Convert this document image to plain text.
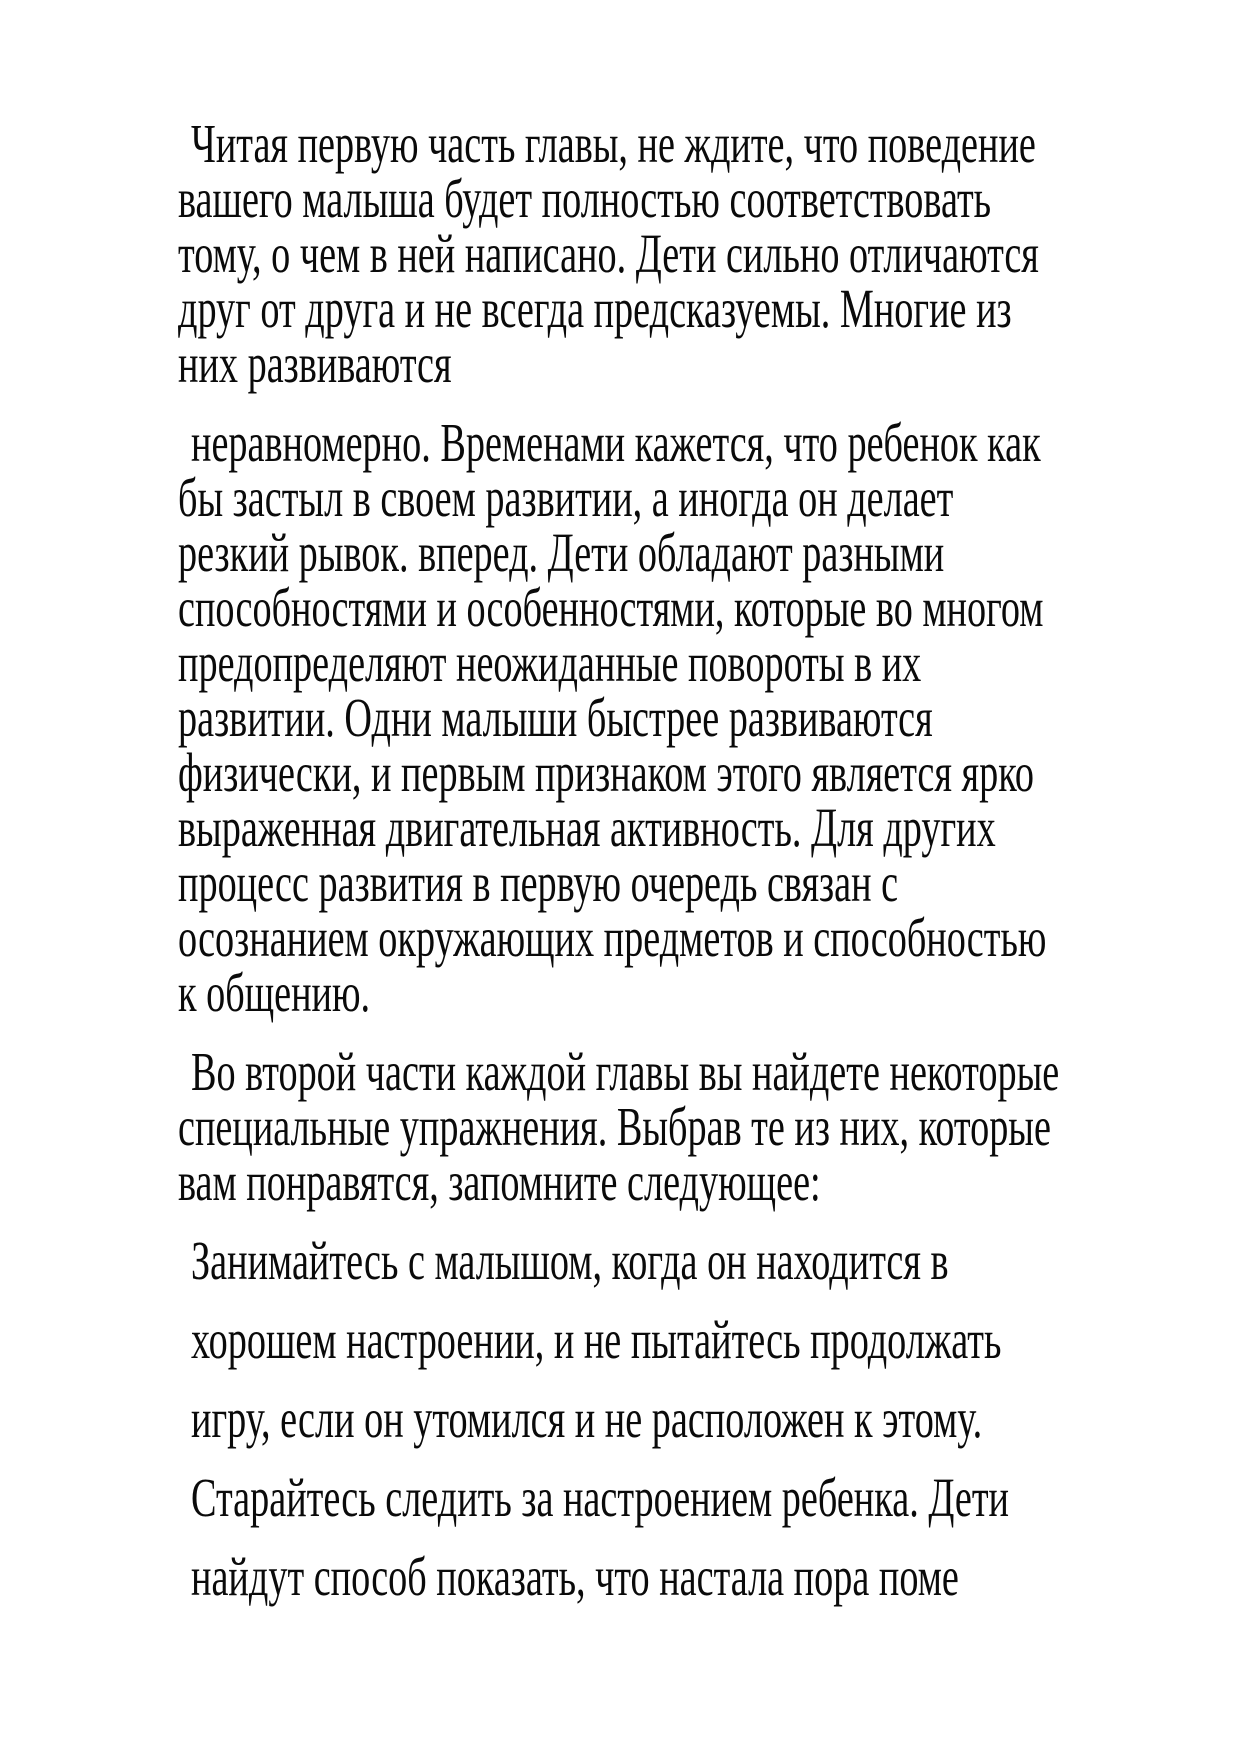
Читая первую часть главы, не ждите, что поведение
вашего малыша будет полностью соответствовать
тому, о чем в ней написано. Дети сильно отличаются
друг от друга и не всегда предсказуемы. Многие из
них развиваются

неравномерно. Временами кажется, что ребенок как
бы застыл в своем развитии, а иногда он делает
резкий рывок. вперед. Дети обладают разными
способностями и особенностями, которые во многом
предопределяют неожиданные повороты в их
развитии. Одни малыши быстрее развиваются
физически, и первым признаком этого является ярко
выраженная двигательная активность. Для других
процесс развития в первую очередь связан с
осознанием окружающих предметов и способностью
к общению.

Во второй части каждой главы вы найдете некоторые
специальные упражнения. Выбрав те из них, которые
вам понравятся, запомните следующее:

Занимайтесь с малышом, когда он находится в

хорошем настроении, и не пытайтесь продолжать

игру, если он утомился и не расположен к этому.

Старайтесь следить за настроением ребенка. Дети

найдут способ показать, что настала пора поме
